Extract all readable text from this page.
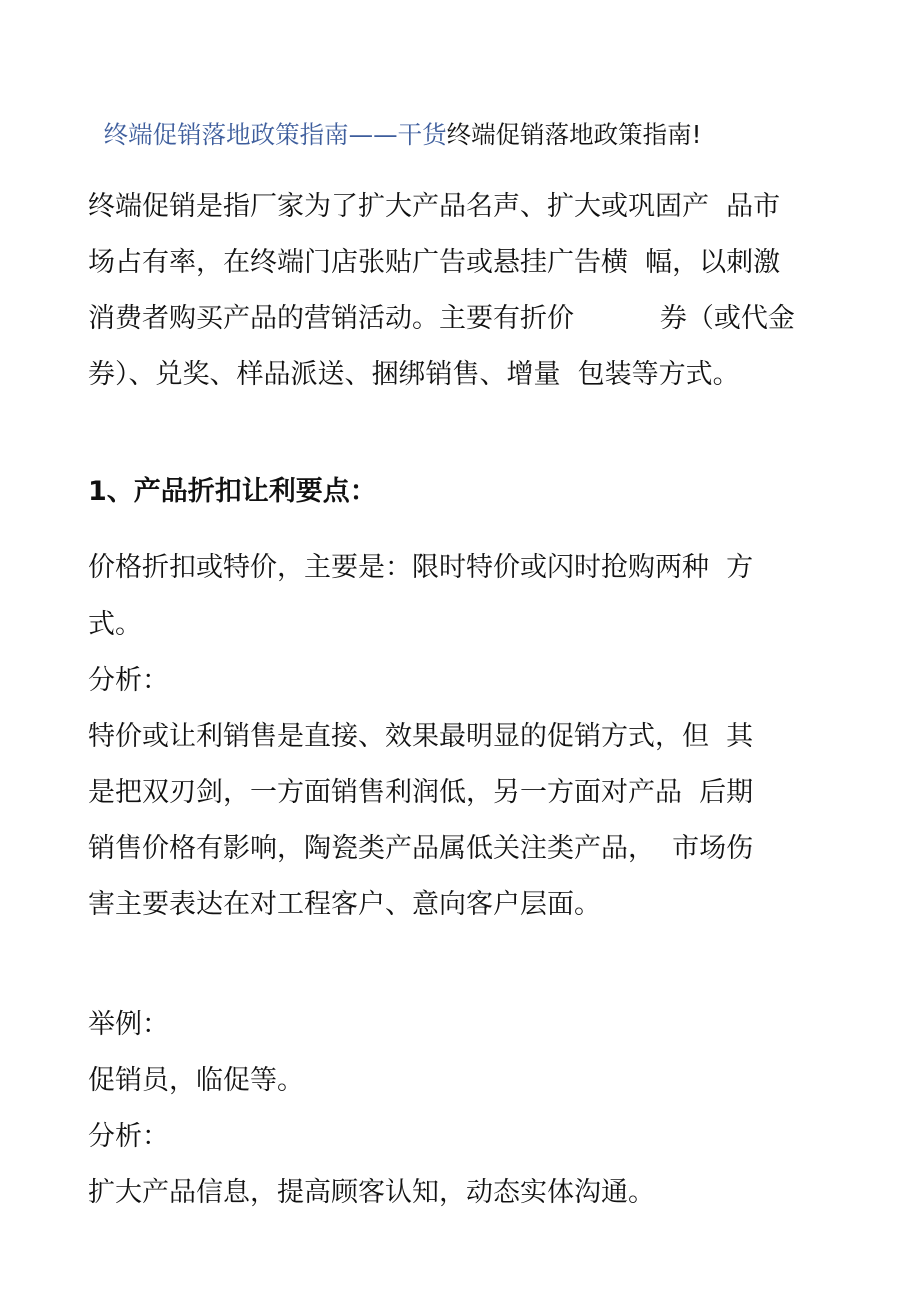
终端促销落地政策指南——干货终端促销落地政策指南!

终端促销是指厂家为了扩大产品名声、扩大或巩固产  品市
场占有率，在终端门店张贴广告或悬挂广告横  幅，以刺激
消费者购买产品的营销活动。主要有折价          券（或代金
券）、兑奖、样品派送、捆绑销售、增量  包装等方式。
1、产品折扣让利要点：
价格折扣或特价，主要是：限时特价或闪时抢购两种  方
式。
分析：
特价或让利销售是直接、效果最明显的促销方式，但  其
是把双刃剑，一方面销售利润低，另一方面对产品  后期
销售价格有影响，陶瓷类产品属低关注类产品，  市场伤
害主要表达在对工程客户、意向客户层面。
举例：
促销员，临促等。
分析：
扩大产品信息，提高顾客认知，动态实体沟通。
